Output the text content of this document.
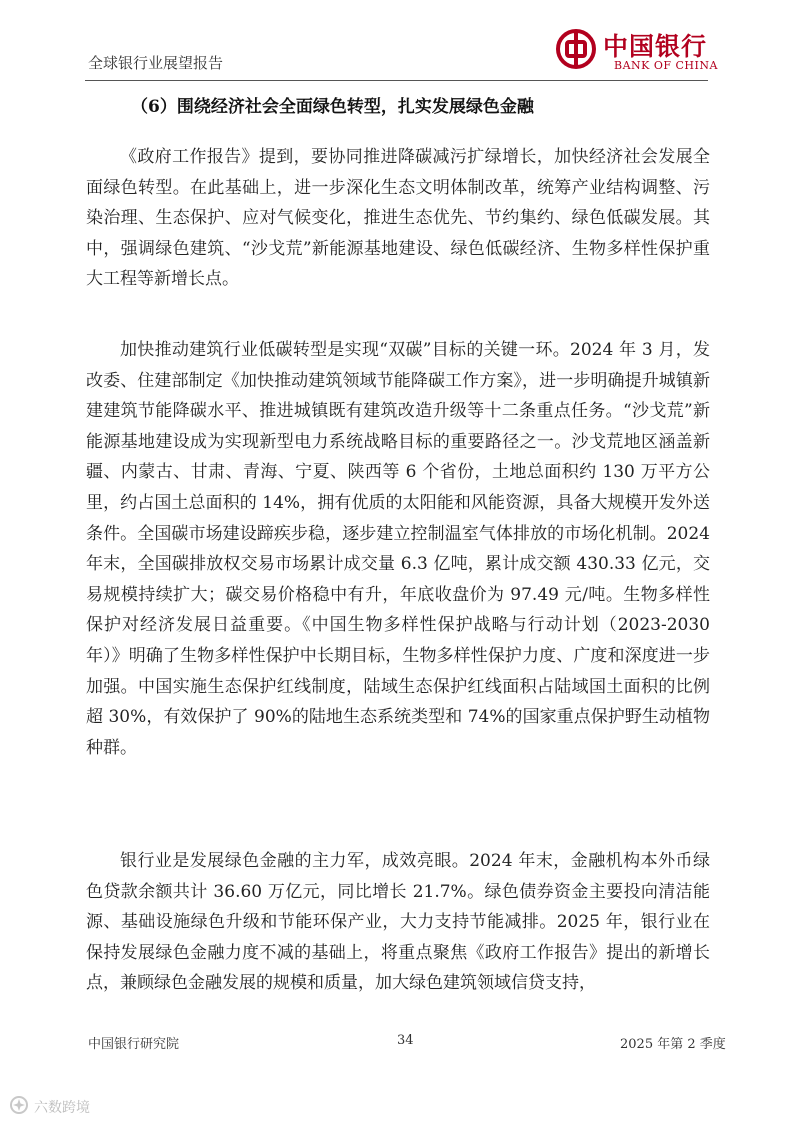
全球银行业展望报告
中国银行
BANK OF CHINA
（6）围绕经济社会全面绿色转型，扎实发展绿色金融

《政府工作报告》提到，要协同推进降碳减污扩绿增长，加快经济社会发展全面绿色转型。在此基础上，进一步深化生态文明体制改革，统筹产业结构调整、污染治理、生态保护、应对气候变化，推进生态优先、节约集约、绿色低碳发展。其中，强调绿色建筑、“沙戈荒”新能源基地建设、绿色低碳经济、生物多样性保护重大工程等新增长点。

加快推动建筑行业低碳转型是实现“双碳”目标的关键一环。2024 年 3 月，发改委、住建部制定《加快推动建筑领域节能降碳工作方案》，进一步明确提升城镇新建建筑节能降碳水平、推进城镇既有建筑改造升级等十二条重点任务。“沙戈荒”新能源基地建设成为实现新型电力系统战略目标的重要路径之一。沙戈荒地区涵盖新疆、内蒙古、甘肃、青海、宁夏、陕西等 6 个省份，土地总面积约 130 万平方公里，约占国土总面积的 14%，拥有优质的太阳能和风能资源，具备大规模开发外送条件。全国碳市场建设蹄疾步稳，逐步建立控制温室气体排放的市场化机制。2024 年末，全国碳排放权交易市场累计成交量 6.3 亿吨，累计成交额 430.33 亿元，交易规模持续扩大；碳交易价格稳中有升，年底收盘价为 97.49 元/吨。生物多样性保护对经济发展日益重要。《中国生物多样性保护战略与行动计划（2023-2030 年）》明确了生物多样性保护中长期目标，生物多样性保护力度、广度和深度进一步加强。中国实施生态保护红线制度，陆域生态保护红线面积占陆域国土面积的比例超 30%，有效保护了 90%的陆地生态系统类型和 74%的国家重点保护野生动植物种群。

银行业是发展绿色金融的主力军，成效亮眼。2024 年末，金融机构本外币绿色贷款余额共计 36.60 万亿元，同比增长 21.7%。绿色债券资金主要投向清洁能源、基础设施绿色升级和节能环保产业，大力支持节能减排。2025 年，银行业在保持发展绿色金融力度不减的基础上，将重点聚焦《政府工作报告》提出的新增长点，兼顾绿色金融发展的规模和质量，加大绿色建筑领域信贷支持，

中国银行研究院	34	2025 年第 2 季度
六数跨境
